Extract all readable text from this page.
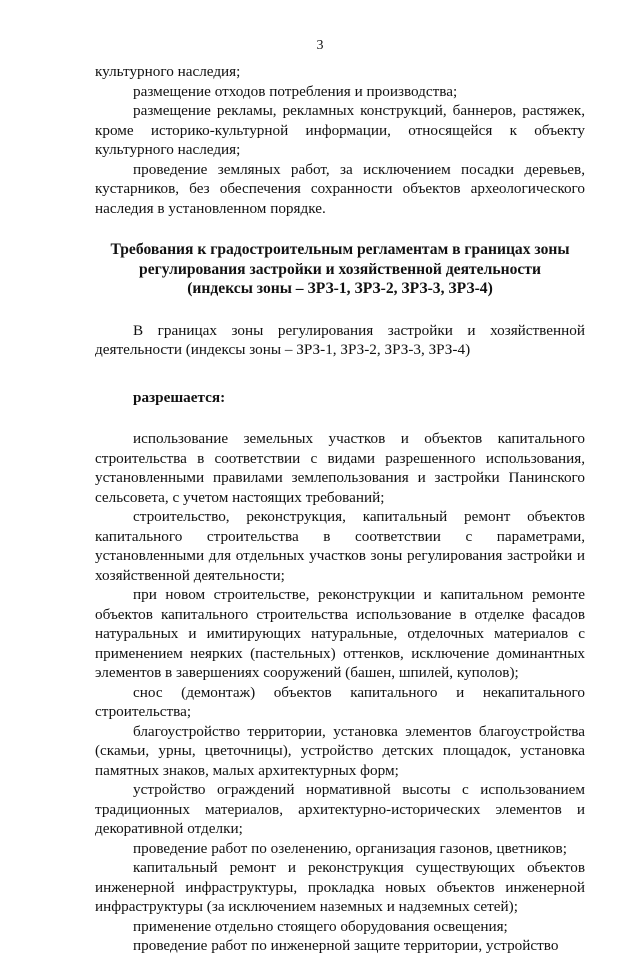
3

культурного наследия;

размещение отходов потребления и производства;

размещение рекламы, рекламных конструкций, баннеров, растяжек, кроме историко-культурной информации, относящейся к объекту культурного наследия;

проведение земляных работ, за исключением посадки деревьев, кустарников, без обеспечения сохранности объектов археологического наследия в установленном порядке.

Требования к градостроительным регламентам в границах зоны
регулирования застройки и хозяйственной деятельности
(индексы зоны – ЗРЗ-1, ЗРЗ-2, ЗРЗ-3, ЗРЗ-4)

В границах зоны регулирования застройки и хозяйственной деятельности (индексы зоны – ЗРЗ-1, ЗРЗ-2, ЗРЗ-3, ЗРЗ-4)

разрешается:

использование земельных участков и объектов капитального строительства в соответствии с видами разрешенного использования, установленными правилами землепользования и застройки Панинского сельсовета, с учетом настоящих требований;

строительство, реконструкция, капитальный ремонт объектов капитального строительства в соответствии с параметрами, установленными для отдельных участков зоны регулирования застройки и хозяйственной деятельности;

при новом строительстве, реконструкции и капитальном ремонте объектов капитального строительства использование в отделке фасадов натуральных и имитирующих натуральные, отделочных материалов с применением неярких (пастельных) оттенков, исключение доминантных элементов в завершениях сооружений (башен, шпилей, куполов);

снос (демонтаж) объектов капитального и некапитального строительства;

благоустройство территории, установка элементов благоустройства (скамьи, урны, цветочницы), устройство детских площадок, установка памятных знаков, малых архитектурных форм;

устройство ограждений нормативной высоты с использованием традиционных материалов, архитектурно-исторических элементов и декоративной отделки;

проведение работ по озеленению, организация газонов, цветников;

капитальный ремонт и реконструкция существующих объектов инженерной инфраструктуры, прокладка новых объектов инженерной инфраструктуры (за исключением наземных и надземных сетей);

применение отдельно стоящего оборудования освещения;

проведение работ по инженерной защите территории, устройство
